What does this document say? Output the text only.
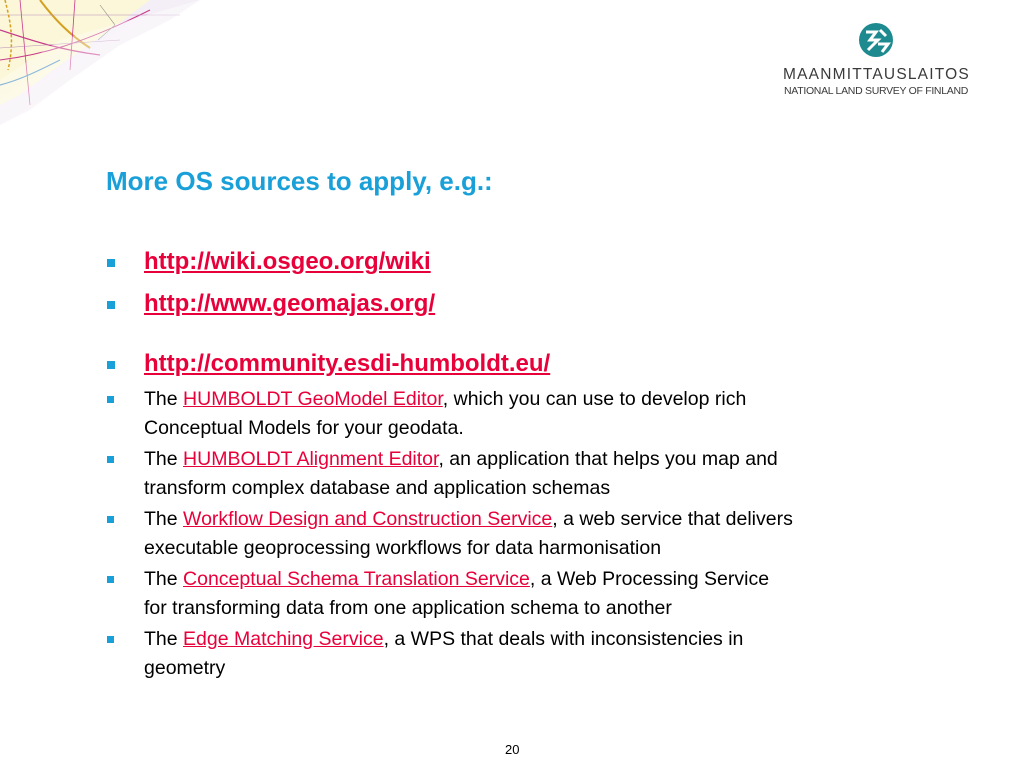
MAANMITTAUSLAITOS
NATIONAL LAND SURVEY OF FINLAND
More OS sources to apply, e.g.:
http://wiki.osgeo.org/wiki
http://www.geomajas.org/
http://community.esdi-humboldt.eu/
The HUMBOLDT GeoModel Editor, which you can use to develop rich
Conceptual Models for your geodata.
The HUMBOLDT Alignment Editor, an application that helps you map and
transform complex database and application schemas
The Workflow Design and Construction Service, a web service that delivers
executable geoprocessing workflows for data harmonisation
The Conceptual Schema Translation Service, a Web Processing Service
for transforming data from one application schema to another
The Edge Matching Service, a WPS that deals with inconsistencies in
geometry
20
